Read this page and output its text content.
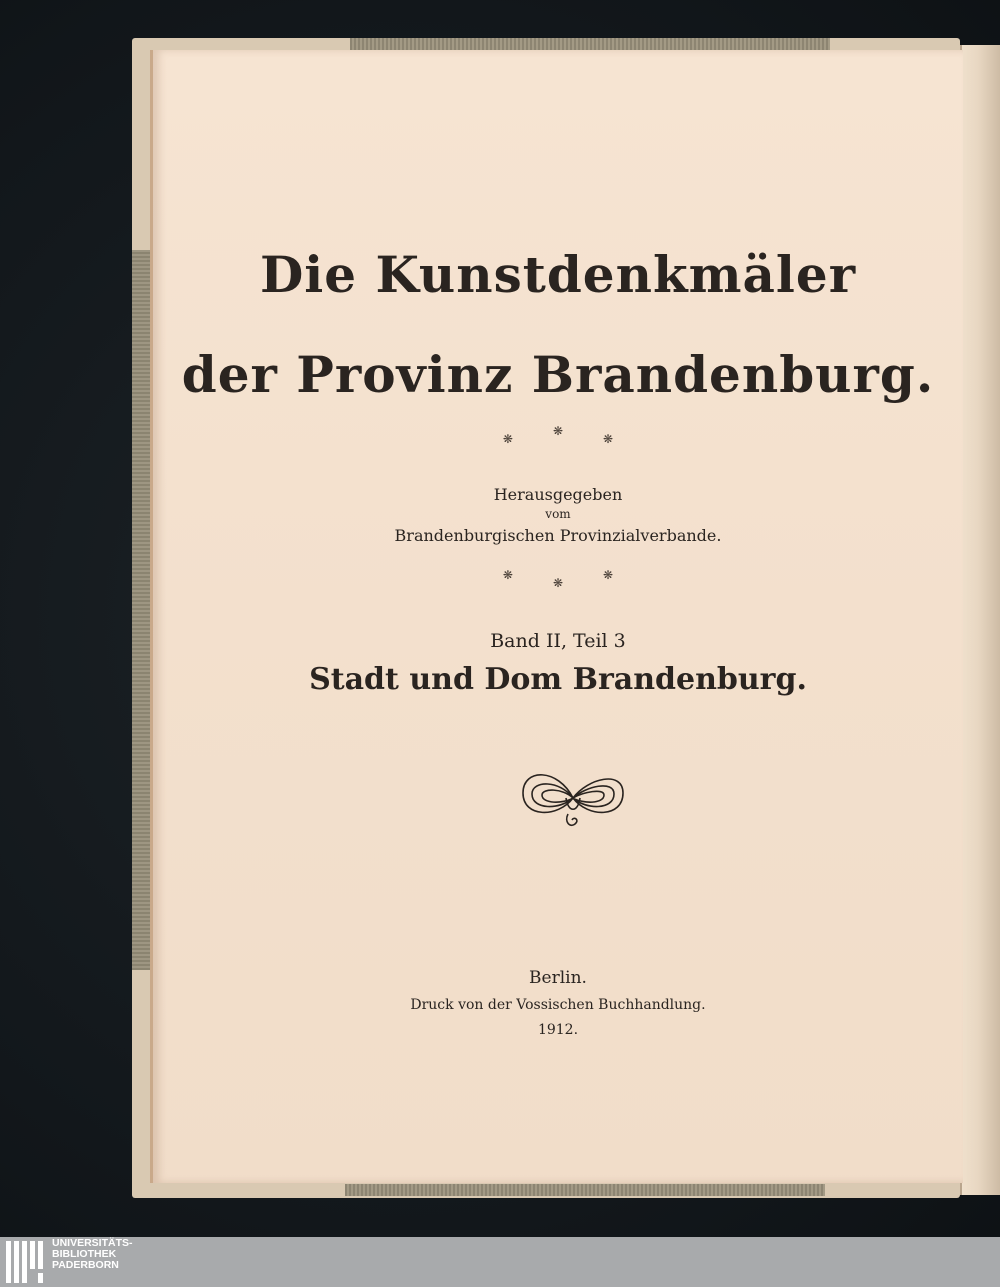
Die Kunstdenkmäler
der Provinz Brandenburg.
❋❋❋
Herausgegeben
vom
Brandenburgischen Provinzialverbande.
❋❋❋
Band II, Teil 3
Stadt und Dom Brandenburg.
Berlin.
Druck von der Vossischen Buchhandlung.
1912.
UNIVERSITÄTS-
BIBLIOTHEK
PADERBORN
